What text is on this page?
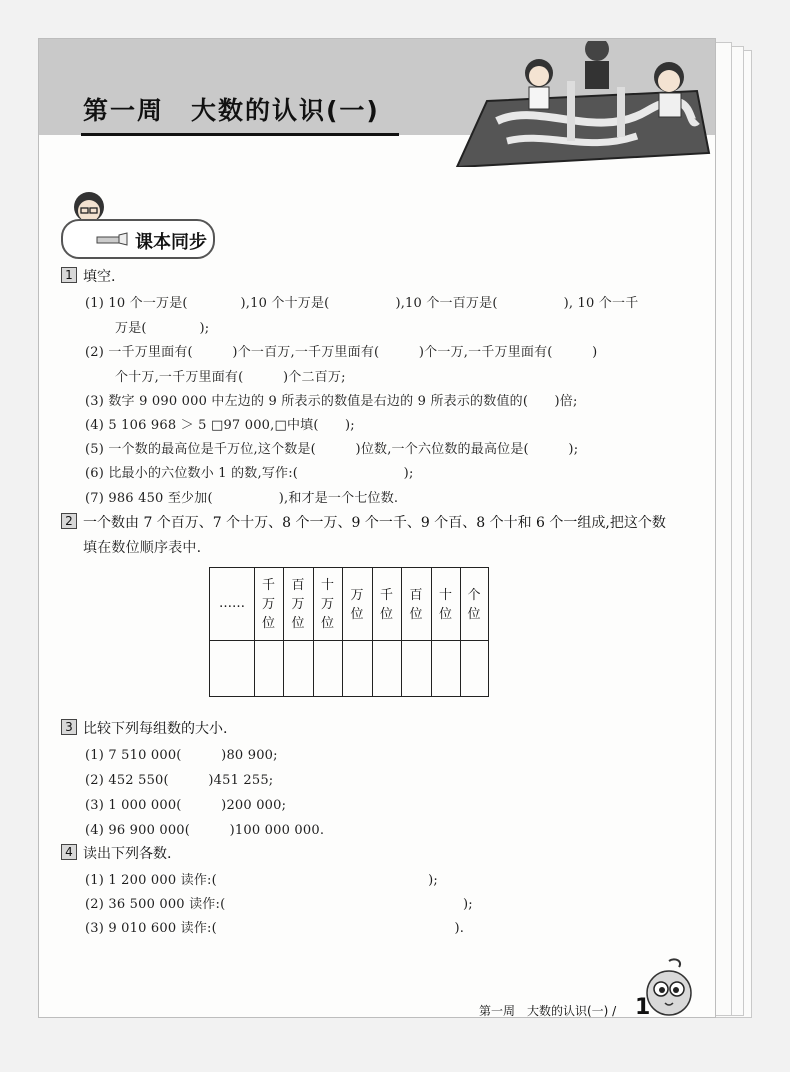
第一周　大数的认识(一)
课本同步
1 填空.
(1) 10 个一万是(　　　　),10 个十万是(　　　　　),10 个一百万是(　　　　　), 10 个一千
万是(　　　　);
(2) 一千万里面有(　　　)个一百万,一千万里面有(　　　)个一万,一千万里面有(　　　)
个十万,一千万里面有(　　　)个二百万;
(3) 数字 9 090 000 中左边的 9 所表示的数值是右边的 9 所表示的数值的(　　)倍;
(4) 5 106 968 ＞ 5 □97 000,□中填(　　);
(5) 一个数的最高位是千万位,这个数是(　　　)位数,一个六位数的最高位是(　　　);
(6) 比最小的六位数小 1 的数,写作:(　　　　　　　　);
(7) 986 450 至少加(　　　　　),和才是一个七位数.
2 一个数由 7 个百万、7 个十万、8 个一万、9 个一千、9 个百、8 个十和 6 个一组成,把这个数
填在数位顺序表中.
……
千
万
位
百
万
位
十
万
位
万
位
千
位
百
位
十
位
个
位
3 比较下列每组数的大小.
(1) 7 510 000(　　　)80 900;
(2) 452 550(　　　)451 255;
(3) 1 000 000(　　　)200 000;
(4) 96 900 000(　　　)100 000 000.
4 读出下列各数.
(1) 1 200 000 读作:(　　　　　　　　　　　　　　　　);
(2) 36 500 000 读作:(　　　　　　　　　　　　　　　　　　);
(3) 9 010 600 读作:(　　　　　　　　　　　　　　　　　　).
第一周　大数的认识(一) / 1
